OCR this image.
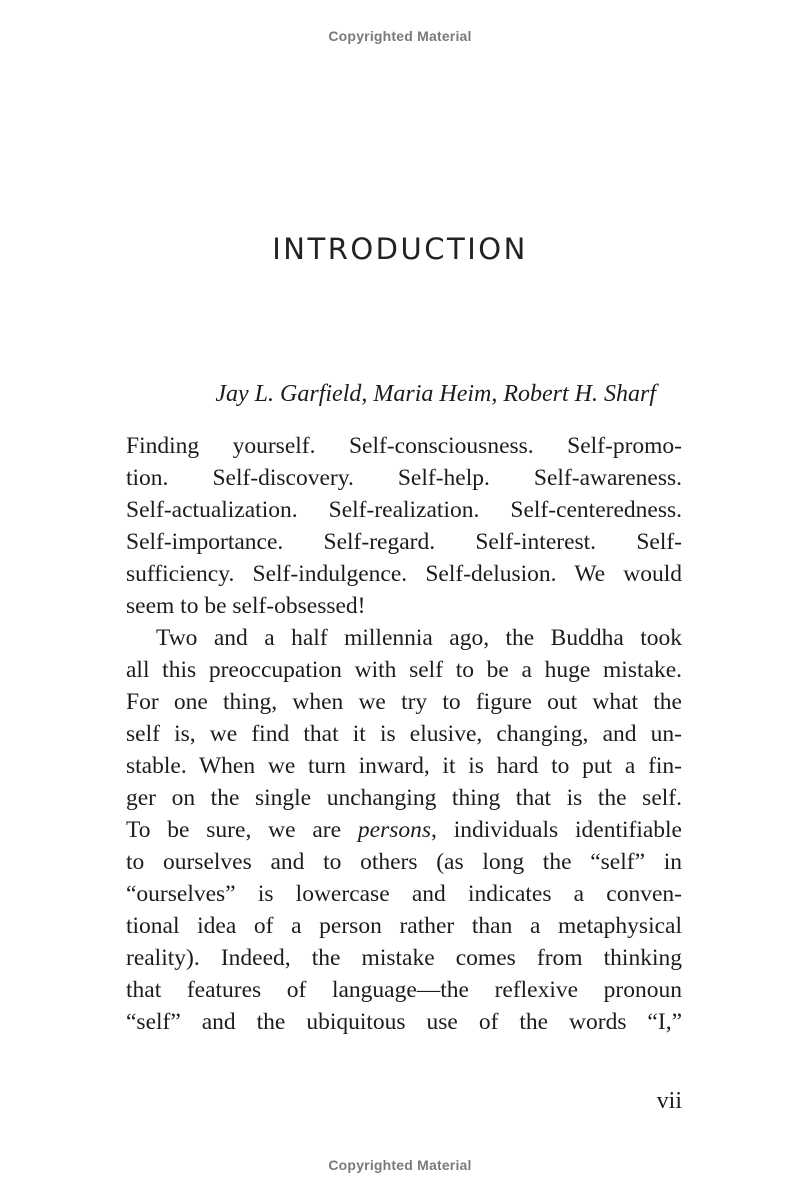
Copyrighted Material
INTRODUCTION

Jay L. Garfield, Maria Heim, Robert H. Sharf

Finding yourself. Self-consciousness. Self-promo-
tion. Self-discovery. Self-help. Self-awareness.
Self-actualization. Self-realization. Self-centeredness.
Self-importance. Self-regard. Self-interest. Self-
sufficiency. Self-indulgence. Self-delusion. We would
seem to be self-obsessed!
Two and a half millennia ago, the Buddha took
all this preoccupation with self to be a huge mistake.
For one thing, when we try to figure out what the
self is, we find that it is elusive, changing, and un-
stable. When we turn inward, it is hard to put a fin-
ger on the single unchanging thing that is the self.
To be sure, we are persons, individuals identifiable
to ourselves and to others (as long the “self” in
“ourselves” is lowercase and indicates a conven-
tional idea of a person rather than a metaphysical
reality). Indeed, the mistake comes from thinking
that features of language—the reflexive pronoun
“self” and the ubiquitous use of the words “I,”

vii

Copyrighted Material
